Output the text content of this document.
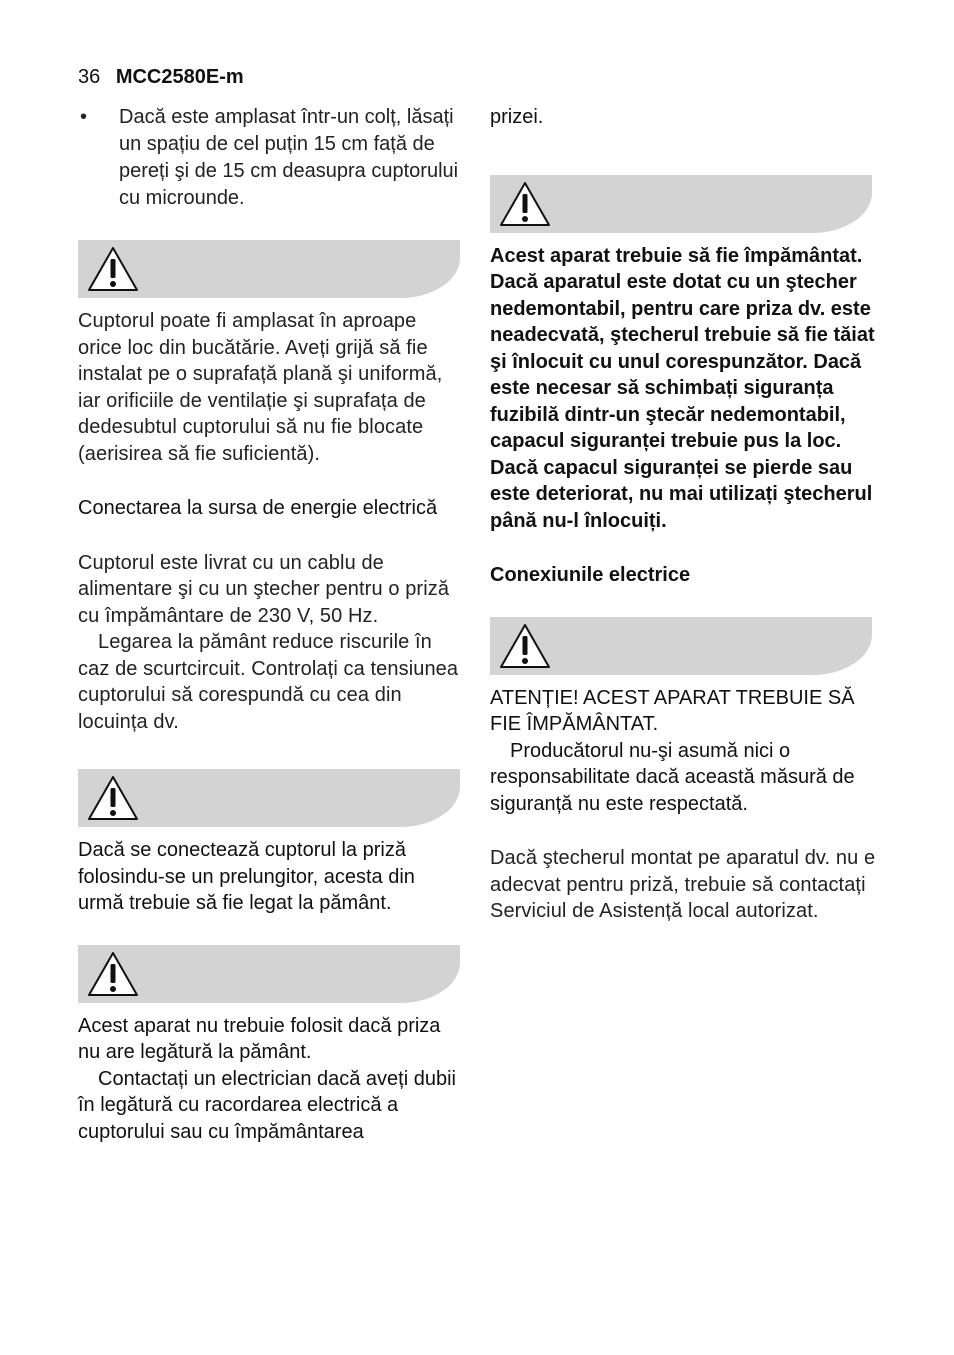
36 MCC2580E-m
• Dacă este amplasat într-un colț, lăsați un spațiu de cel puțin 15 cm față de pereți şi de 15 cm deasupra cuptorului cu microunde.

Cuptorul poate fi amplasat în aproape orice loc din bucătărie. Aveți grijă să fie instalat pe o suprafață plană şi uniformă, iar orificiile de ventilație şi suprafața de dedesubtul cuptorului să nu fie blocate (aerisirea să fie suficientă).

Conectarea la sursa de energie electrică

Cuptorul este livrat cu un cablu de alimentare şi cu un ştecher pentru o priză cu împământare de 230 V, 50 Hz.

Legarea la pământ reduce riscurile în caz de scurtcircuit. Controlați ca tensiunea cuptorului să corespundă cu cea din locuința dv.

Dacă se conectează cuptorul la priză folosindu-se un prelungitor, acesta din urmă trebuie să fie legat la pământ.

Acest aparat nu trebuie folosit dacă priza nu are legătură la pământ.

Contactați un electrician dacă aveți dubii în legătură cu racordarea electrică a cuptorului sau cu împământarea

prizei.

Acest aparat trebuie să fie împământat. Dacă aparatul este dotat cu un ştecher nedemontabil, pentru care priza dv. este neadecvată, ştecherul trebuie să fie tăiat şi înlocuit cu unul corespunzător. Dacă este necesar să schimbați siguranța fuzibilă dintr-un ştecăr nedemontabil, capacul siguranței trebuie pus la loc. Dacă capacul siguranței se pierde sau este deteriorat, nu mai utilizați ştecherul până nu-l înlocuiți.

Conexiunile electrice

ATENȚIE! ACEST APARAT TREBUIE SĂ FIE ÎMPĂMÂNTAT.

Producătorul nu-şi asumă nici o responsabilitate dacă această măsură de siguranță nu este respectată.

Dacă ştecherul montat pe aparatul dv. nu e adecvat pentru priză, trebuie să contactați Serviciul de Asistență local autorizat.
